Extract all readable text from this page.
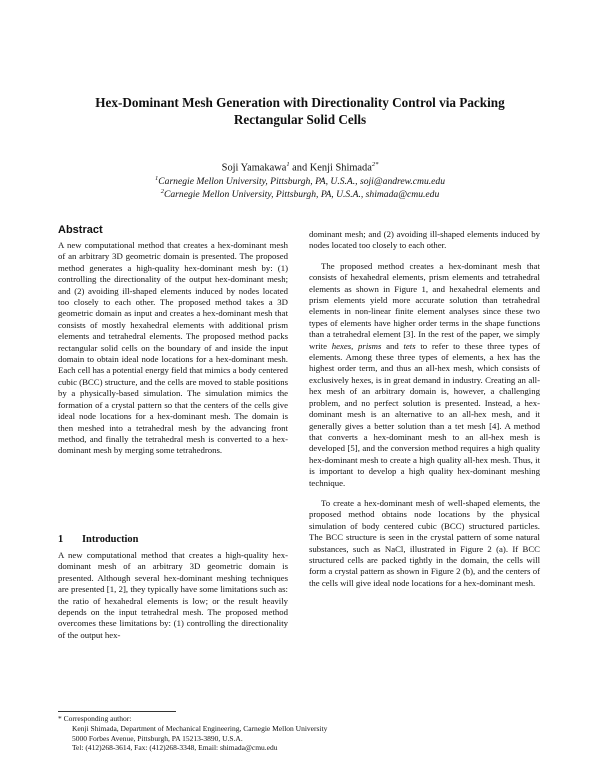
Hex-Dominant Mesh Generation with Directionality Control via Packing Rectangular Solid Cells
Soji Yamakawa$^1$ and Kenji Shimada$^{2*}$
$^1$Carnegie Mellon University, Pittsburgh, PA, U.S.A., soji@andrew.cmu.edu
$^2$Carnegie Mellon University, Pittsburgh, PA, U.S.A., shimada@cmu.edu
Abstract

A new computational method that creates a hex-dominant mesh of an arbitrary 3D geometric domain is presented. The proposed method generates a high-quality hex-dominant mesh by: (1) controlling the directionality of the output hex-dominant mesh; and (2) avoiding ill-shaped elements induced by nodes located too closely to each other. The proposed method takes a 3D geometric domain as input and creates a hex-dominant mesh that consists of mostly hexahedral elements with additional prism elements and tetrahedral elements. The proposed method packs rectangular solid cells on the boundary of and inside the input domain to obtain ideal node locations for a hex-dominant mesh. Each cell has a potential energy field that mimics a body centered cubic (BCC) structure, and the cells are moved to stable positions by a physically-based simulation. The simulation mimics the formation of a crystal pattern so that the centers of the cells give ideal node locations for a hex-dominant mesh. The domain is then meshed into a tetrahedral mesh by the advancing front method, and finally the tetrahedral mesh is converted to a hex-dominant mesh by merging some tetrahedrons.

1 Introduction

A new computational method that creates a high-quality hex-dominant mesh of an arbitrary 3D geometric domain is presented. Although several hex-dominant meshing techniques are presented [1, 2], they typically have some limitations such as: the ratio of hexahedral elements is low; or the result heavily depends on the input tetrahedral mesh. The proposed method overcomes these limitations by: (1) controlling the directionality of the output hex-

dominant mesh; and (2) avoiding ill-shaped elements induced by nodes located too closely to each other.

The proposed method creates a hex-dominant mesh that consists of hexahedral elements, prism elements and tetrahedral elements as shown in Figure 1, and hexahedral elements and prism elements yield more accurate solution than tetrahedral elements in non-linear finite element analyses since these two types of elements have higher order terms in the shape functions than a tetrahedral element [3]. In the rest of the paper, we simply write hexes, prisms and tets to refer to these three types of elements. Among these three types of elements, a hex has the highest order term, and thus an all-hex mesh, which consists of exclusively hexes, is in great demand in industry. Creating an all-hex mesh of an arbitrary domain is, however, a challenging problem, and no perfect solution is presented. Instead, a hex-dominant mesh is an alternative to an all-hex mesh, and it generally gives a better solution than a tet mesh [4]. A method that converts a hex-dominant mesh to an all-hex mesh is developed [5], and the conversion method requires a high quality hex-dominant mesh to create a high quality all-hex mesh. Thus, it is important to develop a high quality hex-dominant meshing technique.

To create a hex-dominant mesh of well-shaped elements, the proposed method obtains node locations by the physical simulation of body centered cubic (BCC) structured particles. The BCC structure is seen in the crystal pattern of some natural substances, such as NaCl, illustrated in Figure 2 (a). If BCC structured cells are packed tightly in the domain, the cells will form a crystal pattern as shown in Figure 2 (b), and the centers of the cells will give ideal node locations for a hex-dominant mesh.

* Corresponding author:
Kenji Shimada, Department of Mechanical Engineering, Carnegie Mellon University
5000 Forbes Avenue, Pittsburgh, PA 15213-3890, U.S.A.
Tel: (412)268-3614, Fax: (412)268-3348, Email: shimada@cmu.edu
